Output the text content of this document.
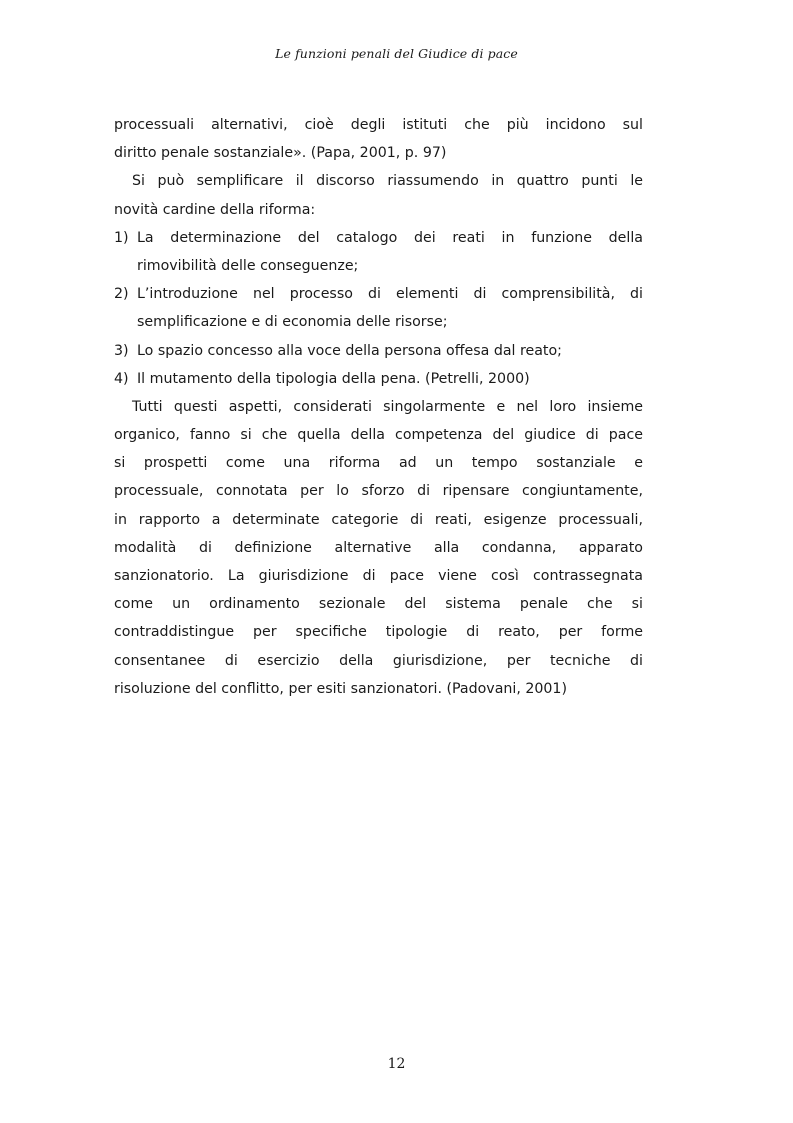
Le funzioni penali del Giudice di pace
processuali alternativi, cioè degli istituti che più incidono sul
diritto penale sostanziale». (Papa, 2001, p. 97)
Si può semplificare il discorso riassumendo in quattro punti le
novità cardine della riforma:
1) La determinazione del catalogo dei reati in funzione della
rimovibilità delle conseguenze;
2) L’introduzione nel processo di elementi di comprensibilità, di
semplificazione e di economia delle risorse;
3) Lo spazio concesso alla voce della persona offesa dal reato;
4) Il mutamento della tipologia della pena. (Petrelli, 2000)
Tutti questi aspetti, considerati singolarmente e nel loro insieme
organico, fanno si che quella della competenza del giudice di pace
si prospetti come una riforma ad un tempo sostanziale e
processuale, connotata per lo sforzo di ripensare congiuntamente,
in rapporto a determinate categorie di reati, esigenze processuali,
modalità di definizione alternative alla condanna, apparato
sanzionatorio. La giurisdizione di pace viene così contrassegnata
come un ordinamento sezionale del sistema penale che si
contraddistingue per specifiche tipologie di reato, per forme
consentanee di esercizio della giurisdizione, per tecniche di
risoluzione del conflitto, per esiti sanzionatori. (Padovani, 2001)
12
